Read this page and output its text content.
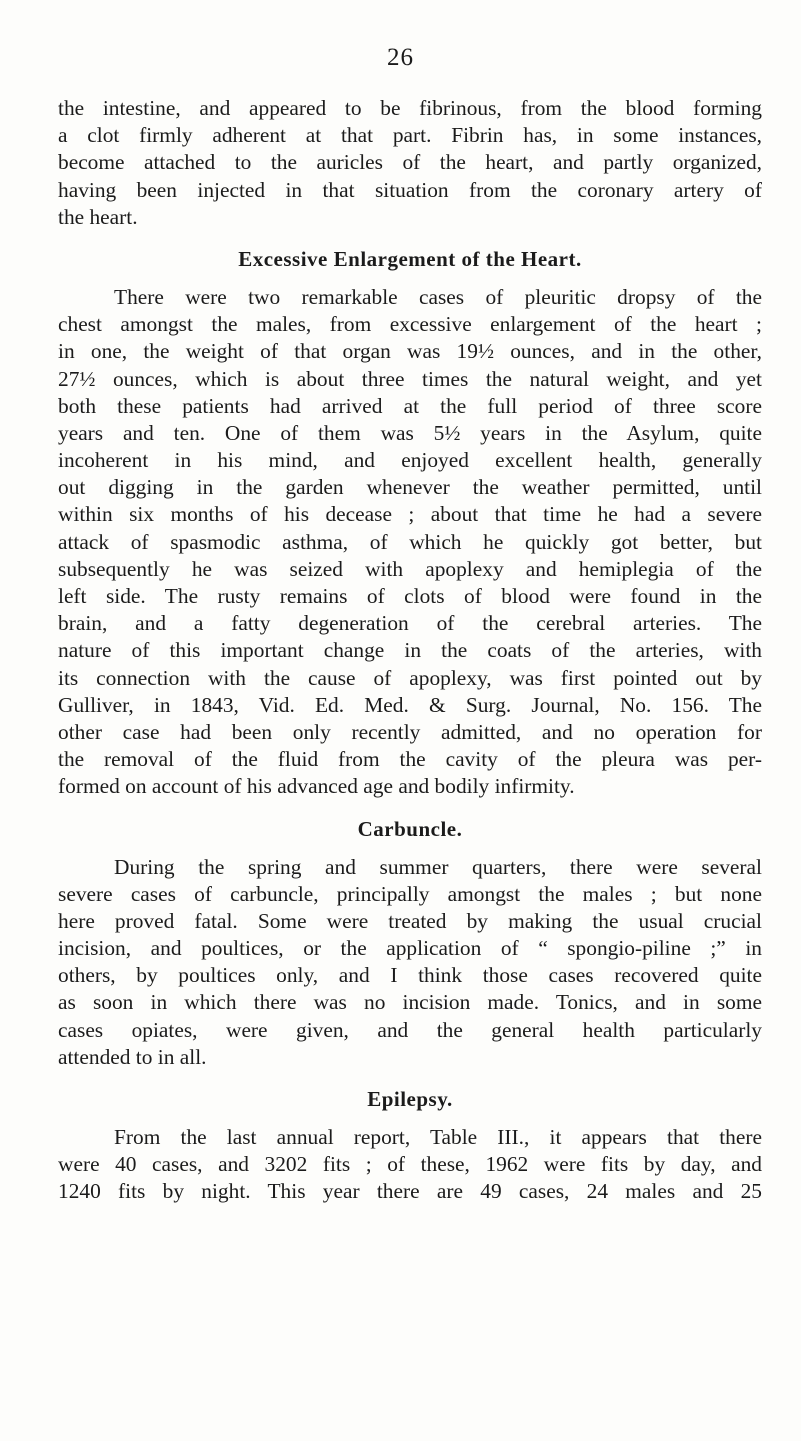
26
the intestine, and appeared to be fibrinous, from the blood forming
a clot firmly adherent at that part. Fibrin has, in some instances,
become attached to the auricles of the heart, and partly organized,
having been injected in that situation from the coronary artery of
the heart.
Excessive Enlargement of the Heart.
There were two remarkable cases of pleuritic dropsy of the
chest amongst the males, from excessive enlargement of the heart ;
in one, the weight of that organ was 19½ ounces, and in the other,
27½ ounces, which is about three times the natural weight, and yet
both these patients had arrived at the full period of three score
years and ten. One of them was 5½ years in the Asylum, quite
incoherent in his mind, and enjoyed excellent health, generally
out digging in the garden whenever the weather permitted, until
within six months of his decease ; about that time he had a severe
attack of spasmodic asthma, of which he quickly got better, but
subsequently he was seized with apoplexy and hemiplegia of the
left side. The rusty remains of clots of blood were found in the
brain, and a fatty degeneration of the cerebral arteries. The
nature of this important change in the coats of the arteries, with
its connection with the cause of apoplexy, was first pointed out by
Gulliver, in 1843, Vid. Ed. Med. & Surg. Journal, No. 156. The
other case had been only recently admitted, and no operation for
the removal of the fluid from the cavity of the pleura was per-
formed on account of his advanced age and bodily infirmity.
Carbuncle.
During the spring and summer quarters, there were several
severe cases of carbuncle, principally amongst the males ; but none
here proved fatal. Some were treated by making the usual crucial
incision, and poultices, or the application of “ spongio-piline ;” in
others, by poultices only, and I think those cases recovered quite
as soon in which there was no incision made. Tonics, and in some
cases opiates, were given, and the general health particularly
attended to in all.
Epilepsy.
From the last annual report, Table III., it appears that there
were 40 cases, and 3202 fits ; of these, 1962 were fits by day, and
1240 fits by night. This year there are 49 cases, 24 males and 25
